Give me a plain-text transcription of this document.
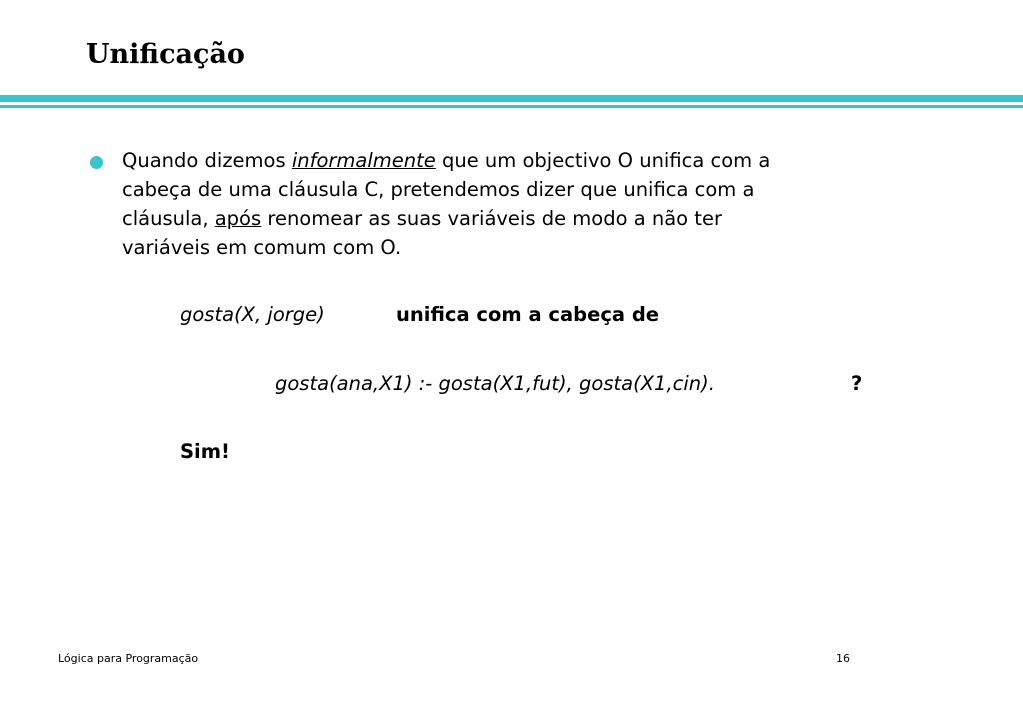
Unificação
Quando dizemos informalmente que um objectivo O unifica com a
cabeça de uma cláusula C, pretendemos dizer que unifica com a
cláusula, após renomear as suas variáveis de modo a não ter
variáveis em comum com O.
gosta(X, jorge)	unifica com a cabeça de
gosta(ana,X1) :- gosta(X1,fut), gosta(X1,cin).	?
Sim!
Lógica para Programação	16
